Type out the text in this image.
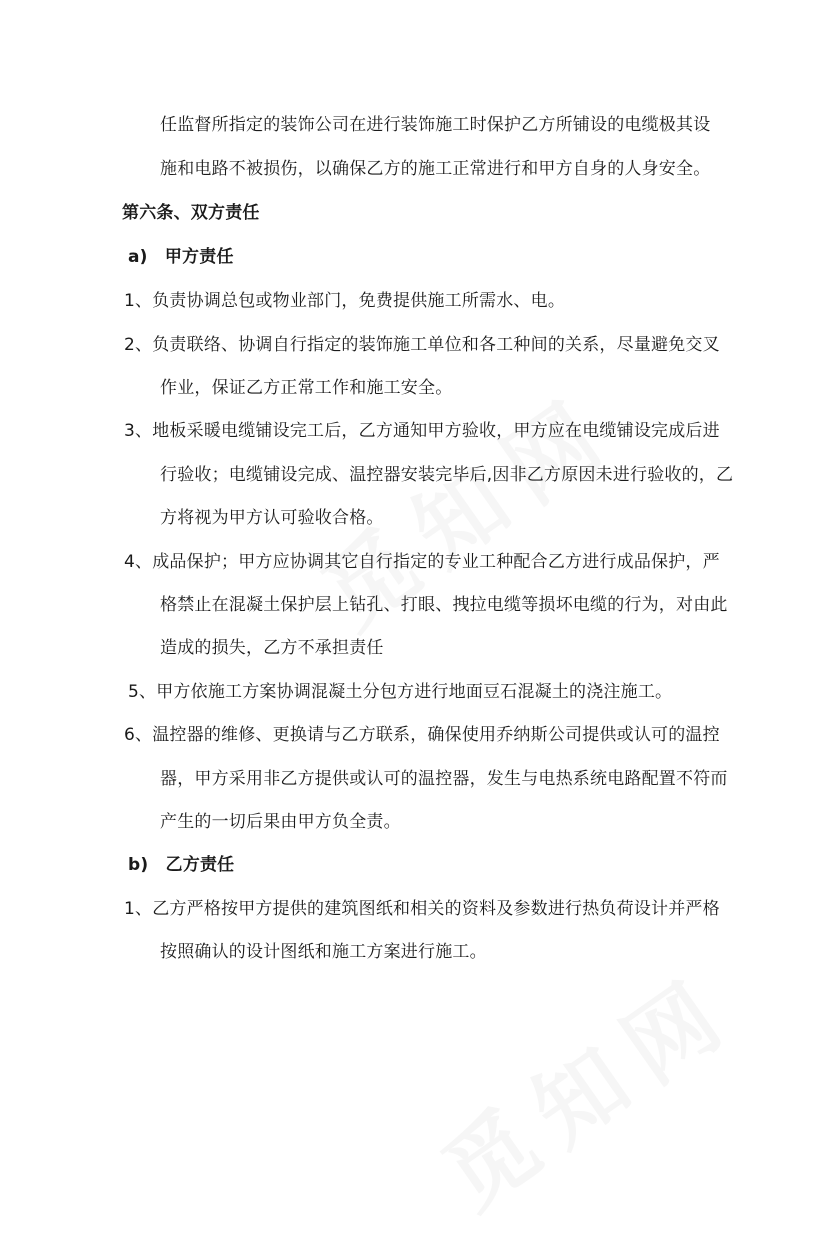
任监督所指定的装饰公司在进行装饰施工时保护乙方所铺设的电缆极其设
施和电路不被损伤，以确保乙方的施工正常进行和甲方自身的人身安全。
第六条、双方责任
a)　甲方责任
1、负责协调总包或物业部门，免费提供施工所需水、电。
2、负责联络、协调自行指定的装饰施工单位和各工种间的关系，尽量避免交叉
作业，保证乙方正常工作和施工安全。
3、地板采暖电缆铺设完工后，乙方通知甲方验收，甲方应在电缆铺设完成后进
行验收；电缆铺设完成、温控器安装完毕后,因非乙方原因未进行验收的，乙
方将视为甲方认可验收合格。
4、成品保护；甲方应协调其它自行指定的专业工种配合乙方进行成品保护，严
格禁止在混凝土保护层上钻孔、打眼、拽拉电缆等损坏电缆的行为，对由此
造成的损失，乙方不承担责任
5、甲方依施工方案协调混凝土分包方进行地面豆石混凝土的浇注施工。
6、温控器的维修、更换请与乙方联系，确保使用乔纳斯公司提供或认可的温控
器，甲方采用非乙方提供或认可的温控器，发生与电热系统电路配置不符而
产生的一切后果由甲方负全责。
b)　乙方责任
1、乙方严格按甲方提供的建筑图纸和相关的资料及参数进行热负荷设计并严格
按照确认的设计图纸和施工方案进行施工。
